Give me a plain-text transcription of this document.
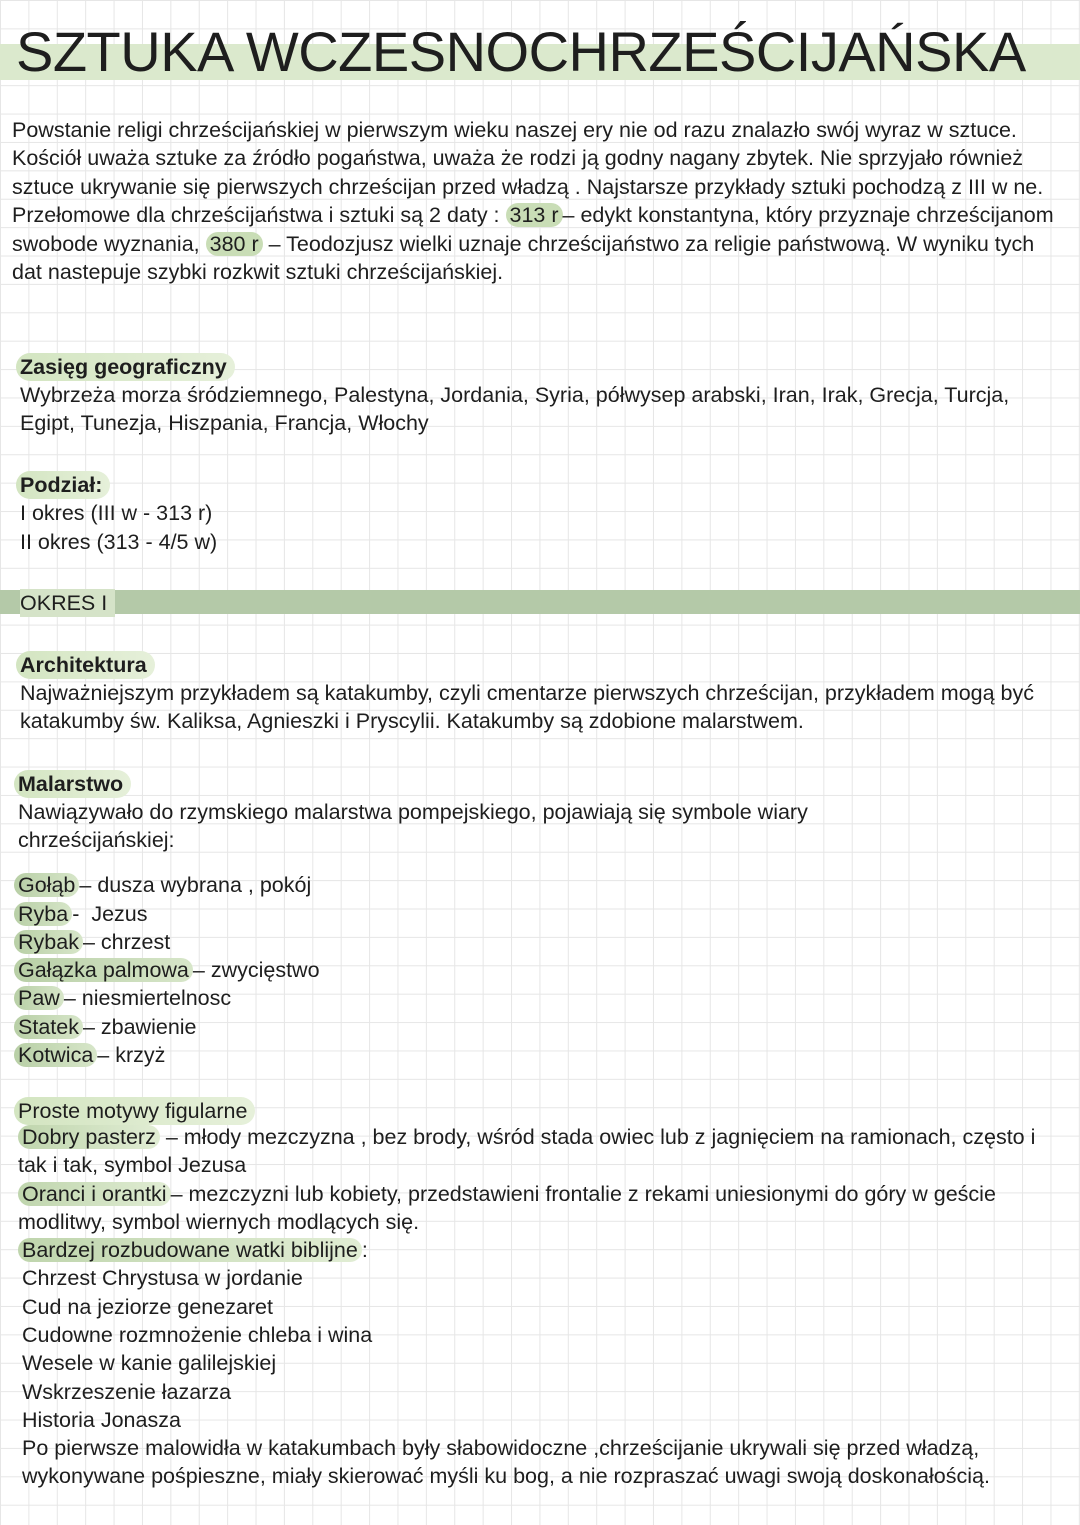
SZTUKA WCZESNOCHRZEŚCIJAŃSKA

Powstanie religi chrześcijańskiej w pierwszym wieku naszej ery nie od razu znalazło swój wyraz w sztuce. Kościół uważa sztuke za źródło pogaństwa, uważa że rodzi ją godny nagany zbytek. Nie sprzyjało również sztuce ukrywanie się pierwszych chrześcijan przed władzą . Najstarsze przykłady sztuki pochodzą z III w ne. Przełomowe dla chrześcijaństwa i sztuki są 2 daty : 313 r – edykt konstantyna, który przyznaje chrześcijanom swobode wyznania, 380 r – Teodozjusz wielki uznaje chrześcijaństwo za religie państwową. W wyniku tych dat nastepuje szybki rozkwit sztuki chrześcijańskiej.

Zasięg geograficzny

Wybrzeża morza śródziemnego, Palestyna, Jordania, Syria, półwysep arabski, Iran, Irak, Grecja, Turcja, Egipt, Tunezja, Hiszpania, Francja, Włochy

Podział:
I okres (III w - 313 r)
II okres (313 - 4/5 w)
OKRES I
Architektura

Najważniejszym przykładem są katakumby, czyli cmentarze pierwszych chrześcijan, przykładem mogą być katakumby św. Kaliksa, Agnieszki i Pryscylii. Katakumby są zdobione malarstwem.

Malarstwo

Nawiązywało do rzymskiego malarstwa pompejskiego, pojawiają się symbole wiary chrześcijańskiej:

Gołąb – dusza wybrana , pokój
Ryba -  Jezus
Rybak – chrzest
Gałązka palmowa – zwycięstwo
Paw – niesmiertelnosc
Statek – zbawienie
Kotwica – krzyż
Proste motywy figularne

Dobry pasterz – młody mezczyzna , bez brody, wśród stada owiec lub z jagnięciem na ramionach, często i tak i tak, symbol Jezusa

Oranci i orantki – mezczyzni lub kobiety, przedstawieni frontalie z rekami uniesionymi do góry w geście modlitwy, symbol wiernych modlących się.

Bardzej rozbudowane watki biblijne :
Chrzest Chrystusa w jordanie
Cud na jeziorze genezaret
Cudowne rozmnożenie chleba i wina
Wesele w kanie galilejskiej
Wskrzeszenie łazarza
Historia Jonasza

Po pierwsze malowidła w katakumbach były słabowidoczne ,chrześcijanie ukrywali się przed władzą, wykonywane pośpieszne, miały skierować myśli ku bog, a nie rozpraszać uwagi swoją doskonałością.
